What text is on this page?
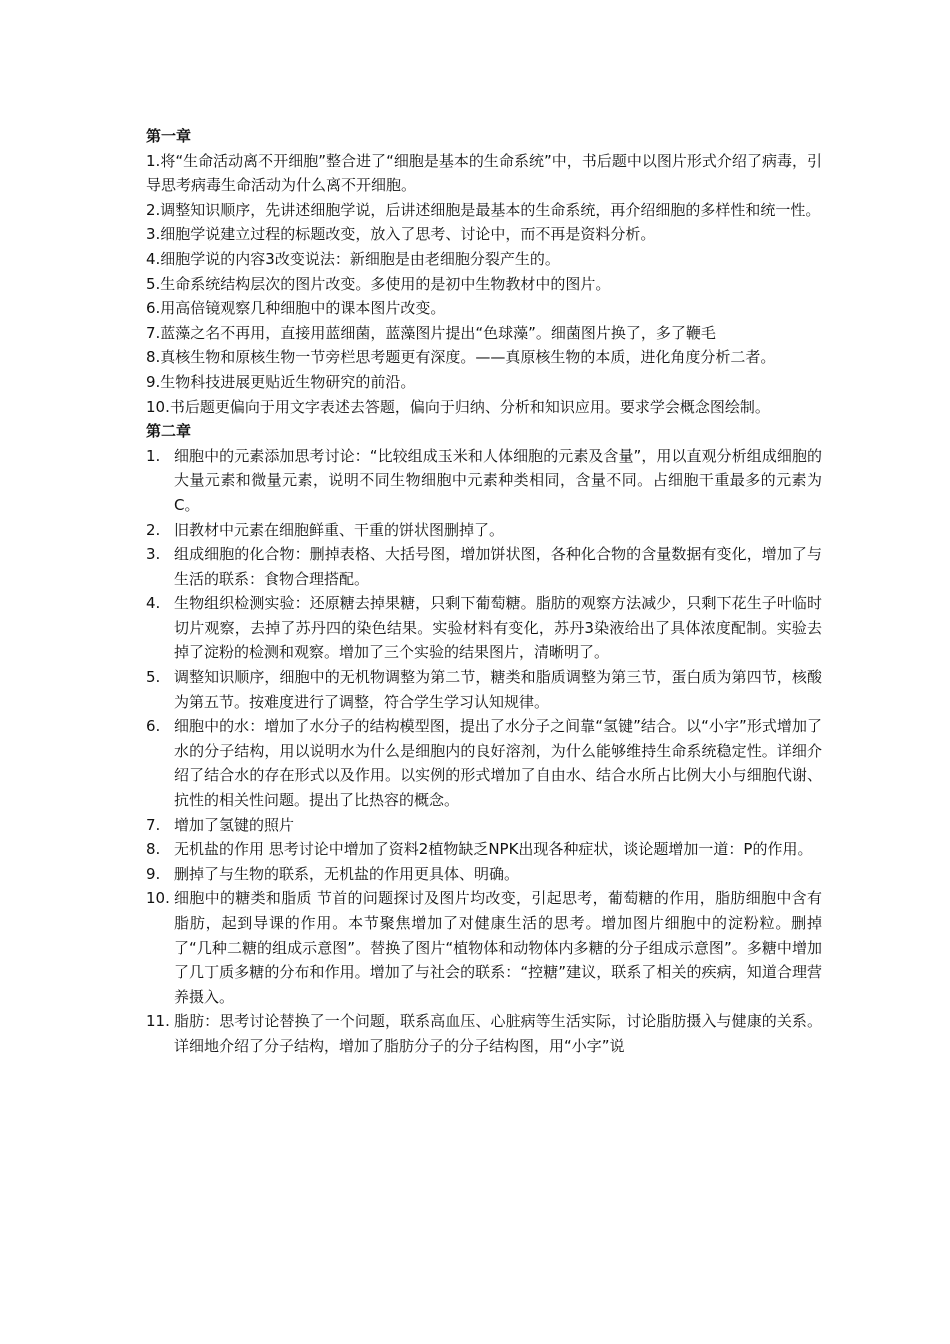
第一章

1.将“生命活动离不开细胞”整合进了“细胞是基本的生命系统”中，书后题中以图片形式介绍了病毒，引导思考病毒生命活动为什么离不开细胞。

2.调整知识顺序，先讲述细胞学说，后讲述细胞是最基本的生命系统，再介绍细胞的多样性和统一性。

3.细胞学说建立过程的标题改变，放入了思考、讨论中，而不再是资料分析。

4.细胞学说的内容3改变说法：新细胞是由老细胞分裂产生的。

5.生命系统结构层次的图片改变。多使用的是初中生物教材中的图片。

6.用高倍镜观察几种细胞中的课本图片改变。

7.蓝藻之名不再用，直接用蓝细菌，蓝藻图片提出“色球藻”。细菌图片换了，多了鞭毛

8.真核生物和原核生物一节旁栏思考题更有深度。——真原核生物的本质，进化角度分析二者。

9.生物科技进展更贴近生物研究的前沿。

10.书后题更偏向于用文字表述去答题，偏向于归纳、分析和知识应用。要求学会概念图绘制。

第二章

1. 细胞中的元素添加思考讨论：“比较组成玉米和人体细胞的元素及含量”，用以直观分析组成细胞的大量元素和微量元素，说明不同生物细胞中元素种类相同，含量不同。占细胞干重最多的元素为C。
2. 旧教材中元素在细胞鲜重、干重的饼状图删掉了。
3. 组成细胞的化合物：删掉表格、大括号图，增加饼状图，各种化合物的含量数据有变化，增加了与生活的联系：食物合理搭配。
4. 生物组织检测实验：还原糖去掉果糖，只剩下葡萄糖。脂肪的观察方法减少，只剩下花生子叶临时切片观察，去掉了苏丹四的染色结果。实验材料有变化，苏丹3染液给出了具体浓度配制。实验去掉了淀粉的检测和观察。增加了三个实验的结果图片，清晰明了。
5. 调整知识顺序，细胞中的无机物调整为第二节，糖类和脂质调整为第三节，蛋白质为第四节，核酸为第五节。按难度进行了调整，符合学生学习认知规律。
6. 细胞中的水：增加了水分子的结构模型图，提出了水分子之间靠“氢键”结合。以“小字”形式增加了水的分子结构，用以说明水为什么是细胞内的良好溶剂，为什么能够维持生命系统稳定性。详细介绍了结合水的存在形式以及作用。以实例的形式增加了自由水、结合水所占比例大小与细胞代谢、抗性的相关性问题。提出了比热容的概念。
7. 增加了氢键的照片
8. 无机盐的作用 思考讨论中增加了资料2植物缺乏NPK出现各种症状，谈论题增加一道：P的作用。
9. 删掉了与生物的联系，无机盐的作用更具体、明确。
10. 细胞中的糖类和脂质 节首的问题探讨及图片均改变，引起思考，葡萄糖的作用，脂肪细胞中含有脂肪，起到导课的作用。本节聚焦增加了对健康生活的思考。增加图片细胞中的淀粉粒。删掉了“几种二糖的组成示意图”。替换了图片“植物体和动物体内多糖的分子组成示意图”。多糖中增加了几丁质多糖的分布和作用。增加了与社会的联系：“控糖”建议，联系了相关的疾病，知道合理营养摄入。
11. 脂肪：思考讨论替换了一个问题，联系高血压、心脏病等生活实际，讨论脂肪摄入与健康的关系。详细地介绍了分子结构，增加了脂肪分子的分子结构图，用“小字”说
